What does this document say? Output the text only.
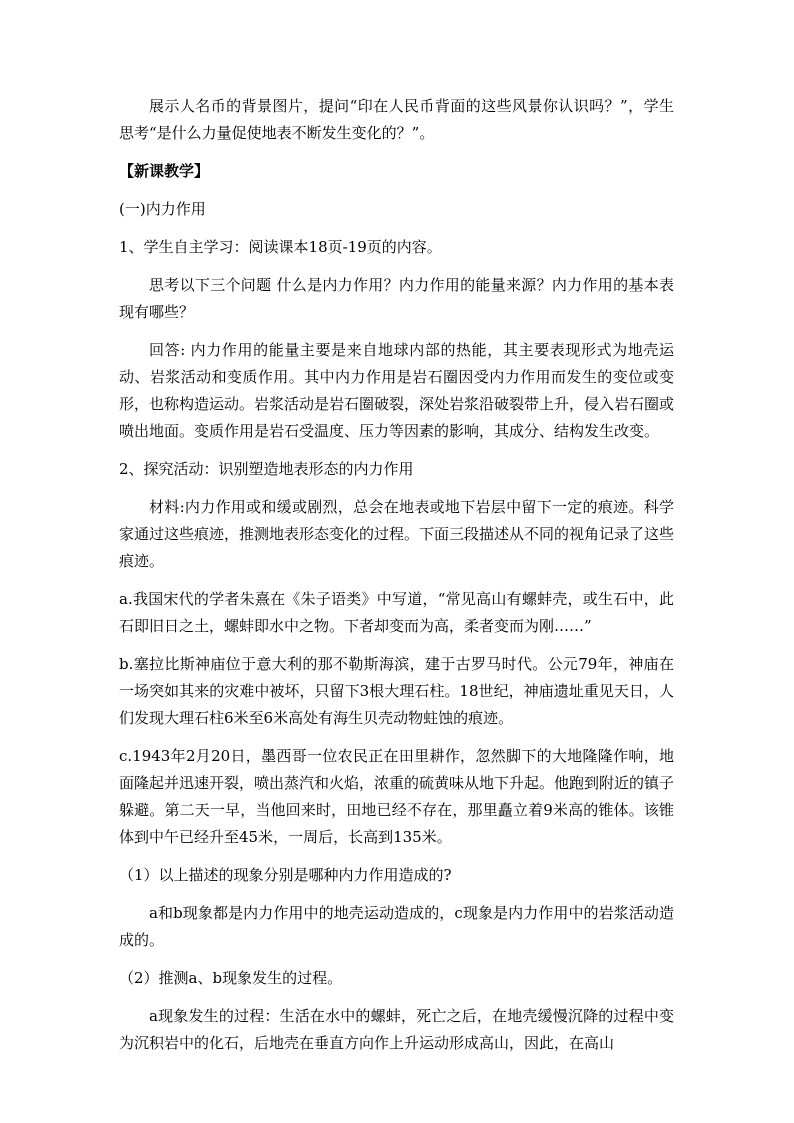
展示人名币的背景图片，提问“印在人民币背面的这些风景你认识吗？”，学生思考“是什么力量促使地表不断发生变化的？”。

【新课教学】

(一)内力作用

1、学生自主学习：阅读课本18页-19页的内容。

思考以下三个问题 什么是内力作用？内力作用的能量来源？内力作用的基本表现有哪些？

回答: 内力作用的能量主要是来自地球内部的热能，其主要表现形式为地壳运动、岩浆活动和变质作用。其中内力作用是岩石圈因受内力作用而发生的变位或变形，也称构造运动。岩浆活动是岩石圈破裂，深处岩浆沿破裂带上升，侵入岩石圈或喷出地面。变质作用是岩石受温度、压力等因素的影响，其成分、结构发生改变。

2、探究活动：识别塑造地表形态的内力作用

材料:内力作用或和缓或剧烈，总会在地表或地下岩层中留下一定的痕迹。科学家通过这些痕迹，推测地表形态变化的过程。下面三段描述从不同的视角记录了这些痕迹。

a.我国宋代的学者朱熹在《朱子语类》中写道，“常见高山有螺蚌壳，或生石中，此石即旧日之土，螺蚌即水中之物。下者却变而为高，柔者变而为刚……”

b.塞拉比斯神庙位于意大利的那不勒斯海滨，建于古罗马时代。公元79年，神庙在一场突如其来的灾难中被坏，只留下3根大理石柱。18世纪，神庙遗址重见天日，人们发现大理石柱6米至6米高处有海生贝壳动物蛀蚀的痕迹。

c.1943年2月20日，墨西哥一位农民正在田里耕作，忽然脚下的大地隆隆作响，地面隆起并迅速开裂，喷出蒸汽和火焰，浓重的硫黄味从地下升起。他跑到附近的镇子躲避。第二天一早，当他回来时，田地已经不存在，那里矗立着9米高的锥体。该锥体到中午已经升至45米，一周后，长高到135米。

（1）以上描述的现象分别是哪种内力作用造成的?

a和b现象都是内力作用中的地壳运动造成的，c现象是内力作用中的岩浆活动造成的。

（2）推测a、b现象发生的过程。

a现象发生的过程：生活在水中的螺蚌，死亡之后，在地壳缓慢沉降的过程中变为沉积岩中的化石，后地壳在垂直方向作上升运动形成高山，因此，在高山
